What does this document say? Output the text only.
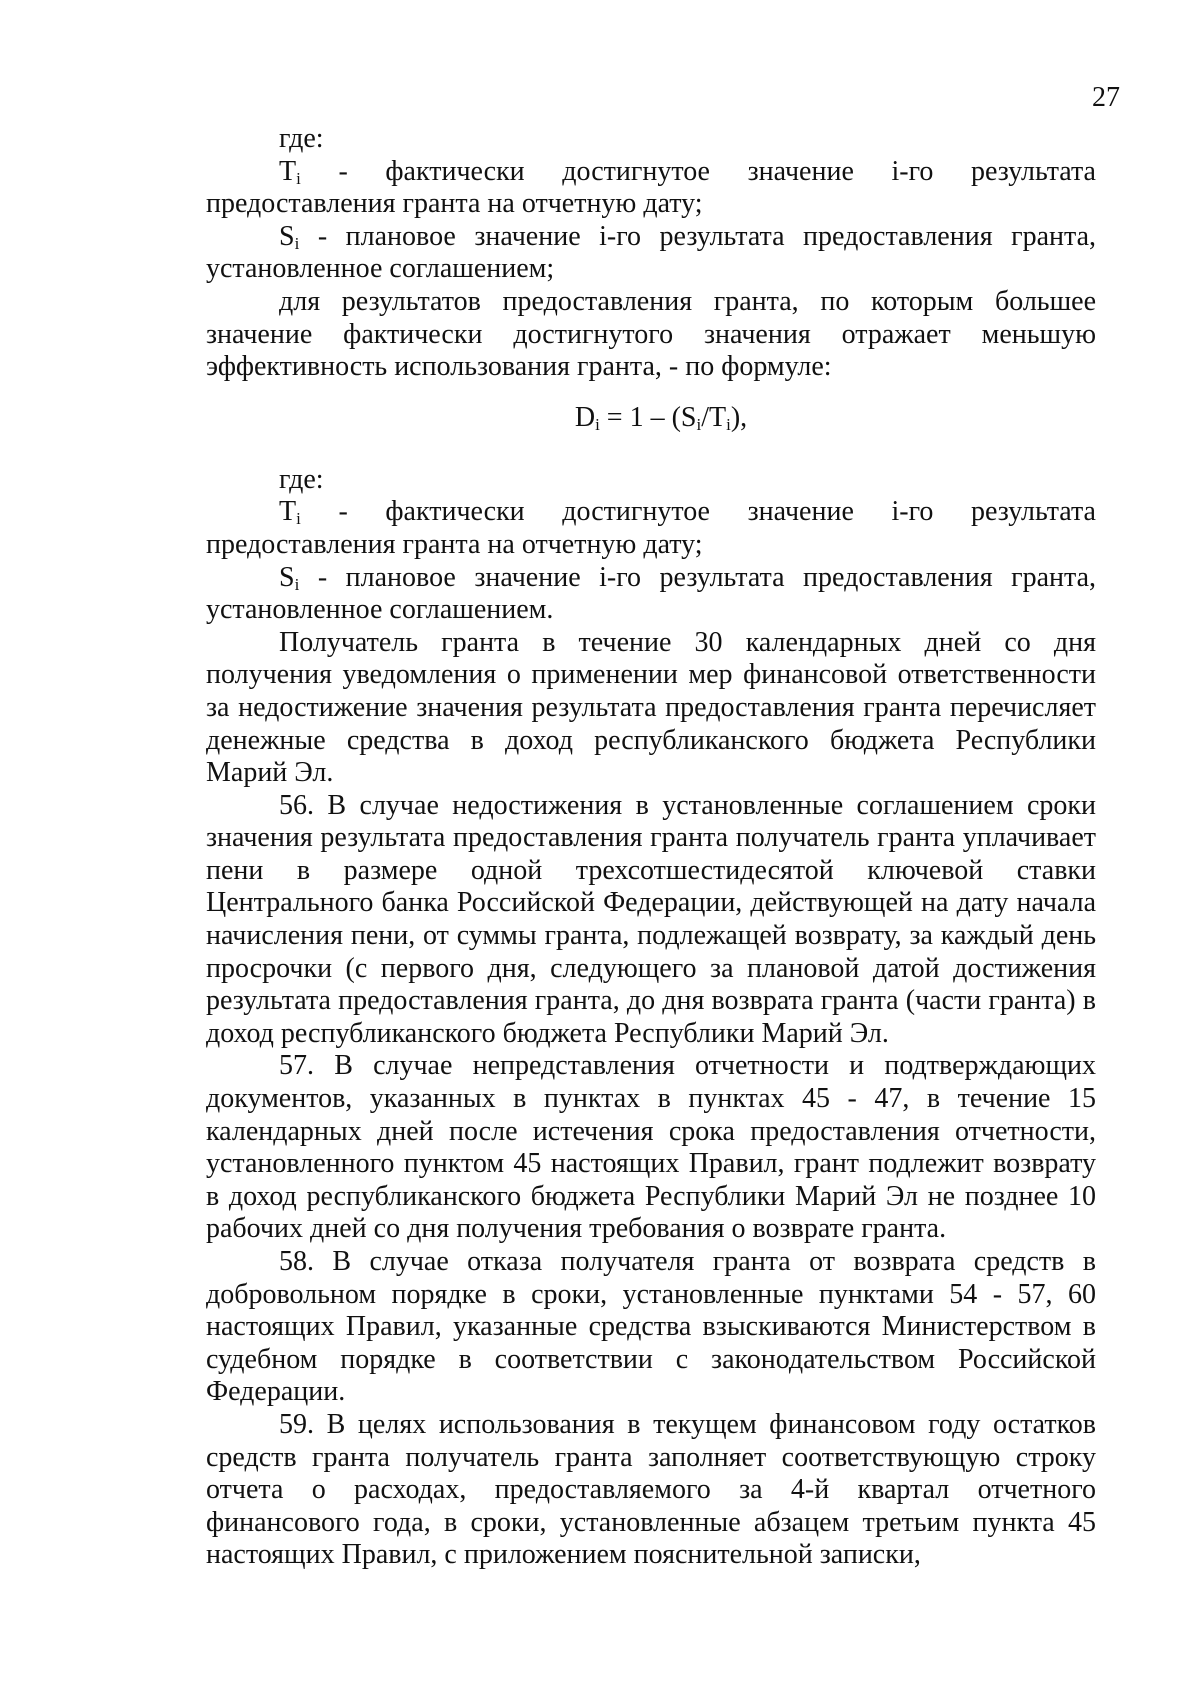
27

где:

$T_i$ - фактически достигнутое значение i-го результата предоставления гранта на отчетную дату;

$S_i$ - плановое значение i-го результата предоставления гранта, установленное соглашением;

для результатов предоставления гранта, по которым большее значение фактически достигнутого значения отражает меньшую эффективность использования гранта, - по формуле:

$D_i = 1 - (S_i/T_i)$,

где:

$T_i$ - фактически достигнутое значение i-го результата предоставления гранта на отчетную дату;

$S_i$ - плановое значение i-го результата предоставления гранта, установленное соглашением.

Получатель гранта в течение 30 календарных дней со дня получения уведомления о применении мер финансовой ответственности за недостижение значения результата предоставления гранта перечисляет денежные средства в доход республиканского бюджета Республики Марий Эл.

56. В случае недостижения в установленные соглашением сроки значения результата предоставления гранта получатель гранта уплачивает пени в размере одной трехсотшестидесятой ключевой ставки Центрального банка Российской Федерации, действующей на дату начала начисления пени, от суммы гранта, подлежащей возврату, за каждый день просрочки (с первого дня, следующего за плановой датой достижения результата предоставления гранта, до дня возврата гранта (части гранта) в доход республиканского бюджета Республики Марий Эл.

57. В случае непредставления отчетности и подтверждающих документов, указанных в пунктах в пунктах 45 - 47, в течение 15 календарных дней после истечения срока предоставления отчетности, установленного пунктом 45 настоящих Правил, грант подлежит возврату в доход республиканского бюджета Республики Марий Эл не позднее 10 рабочих дней со дня получения требования о возврате гранта.

58. В случае отказа получателя гранта от возврата средств в добровольном порядке в сроки, установленные пунктами 54 - 57, 60 настоящих Правил, указанные средства взыскиваются Министерством в судебном порядке в соответствии с законодательством Российской Федерации.

59. В целях использования в текущем финансовом году остатков средств гранта получатель гранта заполняет соответствующую строку отчета о расходах, предоставляемого за 4-й квартал отчетного финансового года, в сроки, установленные абзацем третьим пункта 45 настоящих Правил, с приложением пояснительной записки,
